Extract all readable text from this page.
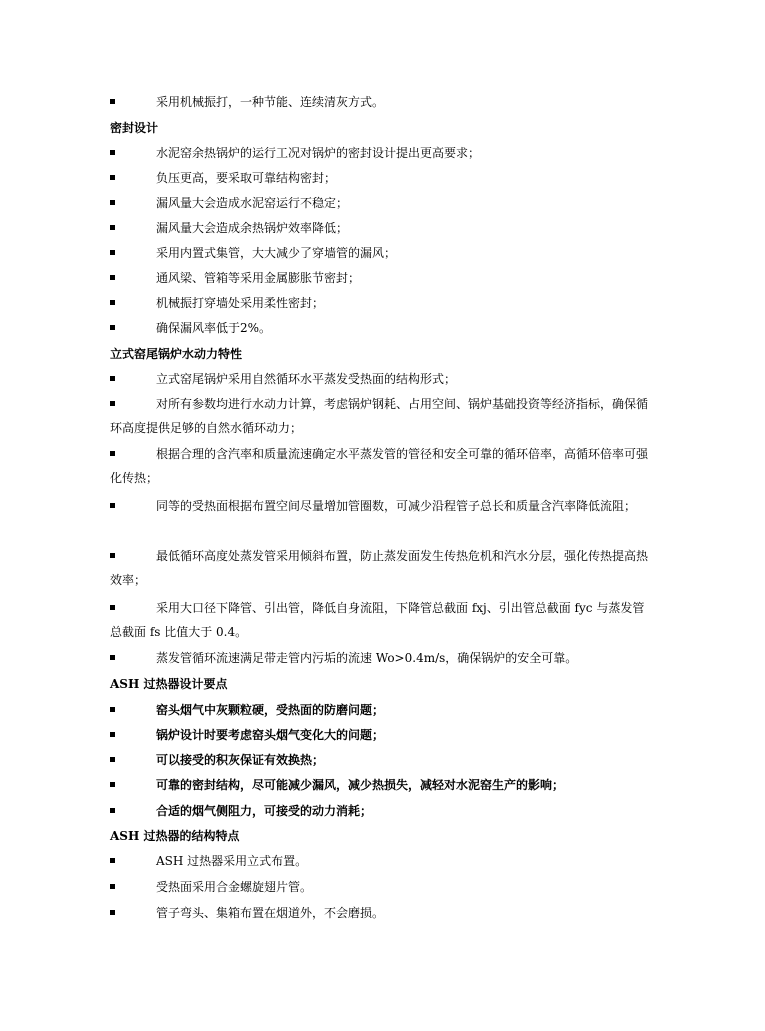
采用机械振打，一种节能、连续清灰方式。
密封设计
水泥窑余热锅炉的运行工况对锅炉的密封设计提出更高要求；
负压更高，要采取可靠结构密封；
漏风量大会造成水泥窑运行不稳定；
漏风量大会造成余热锅炉效率降低；
采用内置式集管，大大减少了穿墙管的漏风；
通风梁、管箱等采用金属膨胀节密封；
机械振打穿墙处采用柔性密封；
确保漏风率低于2%。
立式窑尾锅炉水动力特性
立式窑尾锅炉采用自然循环水平蒸发受热面的结构形式；
对所有参数均进行水动力计算，考虑锅炉钢耗、占用空间、锅炉基础投资等经济指标，确保循环高度提供足够的自然水循环动力；
根据合理的含汽率和质量流速确定水平蒸发管的管径和安全可靠的循环倍率，高循环倍率可强化传热；
同等的受热面根据布置空间尽量增加管圈数，可减少沿程管子总长和质量含汽率降低流阻；
最低循环高度处蒸发管采用倾斜布置，防止蒸发面发生传热危机和汽水分层，强化传热提高热效率；
采用大口径下降管、引出管，降低自身流阻，下降管总截面 fxj、引出管总截面 fyc 与蒸发管总截面 fs 比值大于 0.4。
蒸发管循环流速满足带走管内污垢的流速 Wo>0.4m/s，确保锅炉的安全可靠。
ASH 过热器设计要点
窑头烟气中灰颗粒硬，受热面的防磨问题；
锅炉设计时要考虑窑头烟气变化大的问题；
可以接受的积灰保证有效换热；
可靠的密封结构，尽可能减少漏风，减少热损失，减轻对水泥窑生产的影响；
合适的烟气侧阻力，可接受的动力消耗；
ASH 过热器的结构特点
ASH 过热器采用立式布置。
受热面采用合金螺旋翅片管。
管子弯头、集箱布置在烟道外，不会磨损。
